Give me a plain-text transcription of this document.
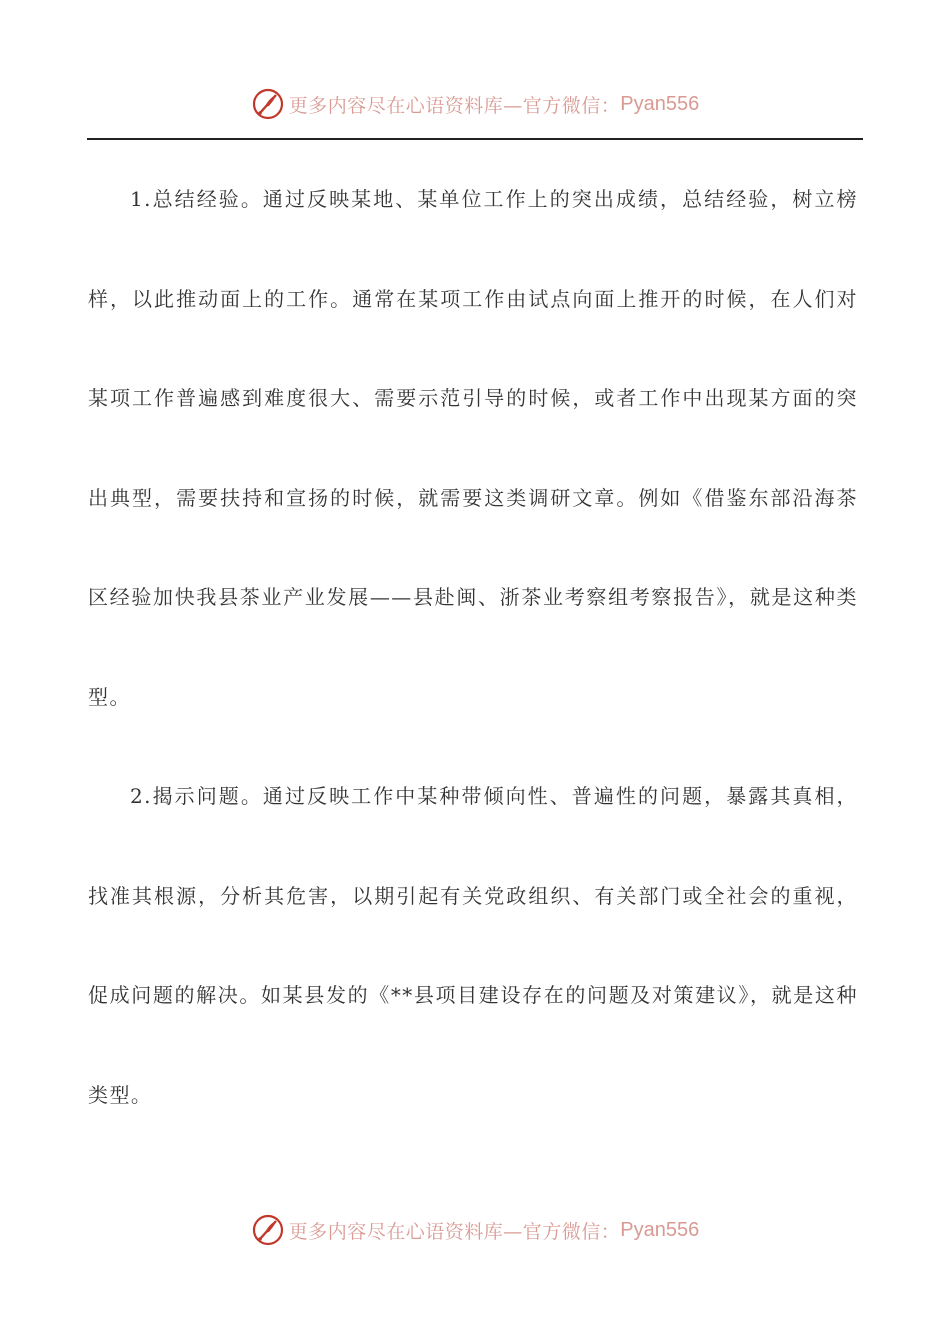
更多内容尽在心语资料库—官方微信： Pyan556

1.总结经验。通过反映某地、某单位工作上的突出成绩，总结经验，树立榜样，以此推动面上的工作。通常在某项工作由试点向面上推开的时候，在人们对某项工作普遍感到难度很大、需要示范引导的时候，或者工作中出现某方面的突出典型，需要扶持和宣扬的时候，就需要这类调研文章。例如《借鉴东部沿海茶区经验加快我县茶业产业发展——县赴闽、浙茶业考察组考察报告》，就是这种类型。

2.揭示问题。通过反映工作中某种带倾向性、普遍性的问题，暴露其真相，找准其根源，分析其危害，以期引起有关党政组织、有关部门或全社会的重视，促成问题的解决。如某县发的《**县项目建设存在的问题及对策建议》，就是这种类型。

更多内容尽在心语资料库—官方微信： Pyan556
